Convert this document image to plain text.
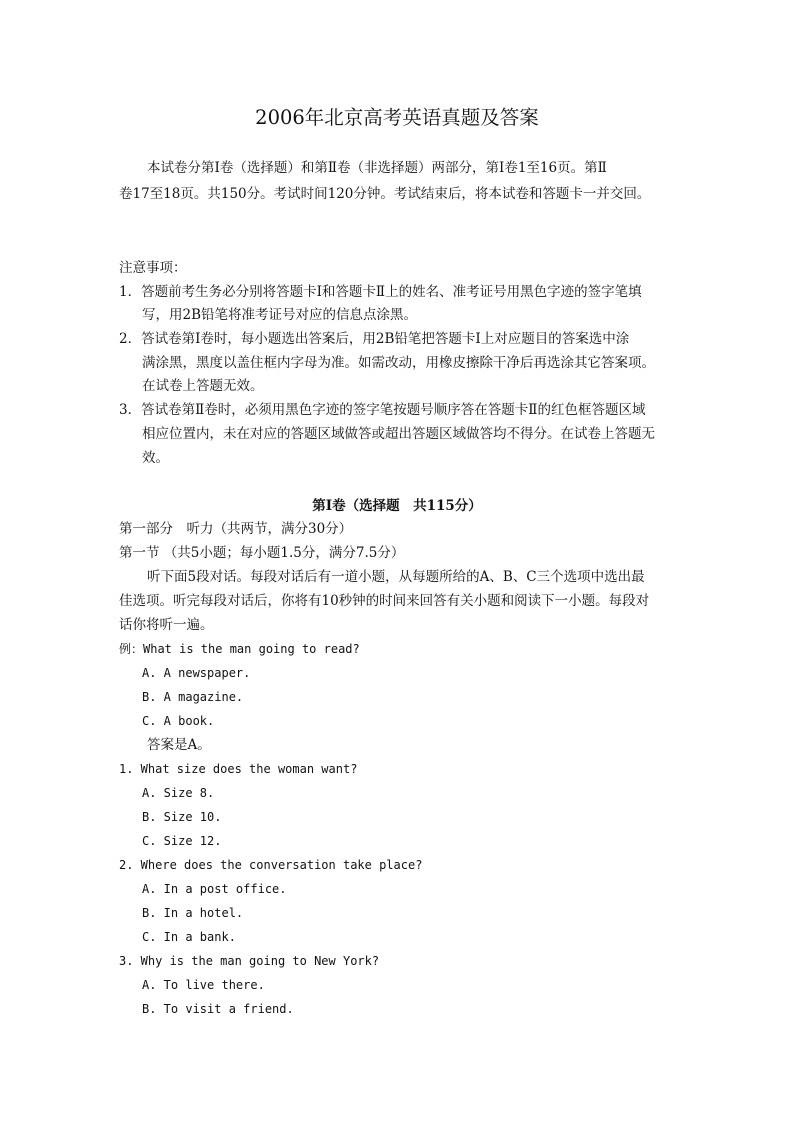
2006年北京高考英语真题及答案
本试卷分第Ⅰ卷（选择题）和第Ⅱ卷（非选择题）两部分，第Ⅰ卷1至16页。第Ⅱ
卷17至18页。共150分。考试时间120分钟。考试结束后，将本试卷和答题卡一并交回。
注意事项：
1．答题前考生务必分别将答题卡Ⅰ和答题卡Ⅱ上的姓名、准考证号用黑色字迹的签字笔填
写，用2B铅笔将准考证号对应的信息点涂黑。
2．答试卷第Ⅰ卷时，每小题选出答案后，用2B铅笔把答题卡Ⅰ上对应题目的答案选中涂
满涂黑，黑度以盖住框内字母为准。如需改动，用橡皮擦除干净后再选涂其它答案项。
在试卷上答题无效。
3．答试卷第Ⅱ卷时，必须用黑色字迹的签字笔按题号顺序答在答题卡Ⅱ的红色框答题区域
相应位置内，未在对应的答题区域做答或超出答题区域做答均不得分。在试卷上答题无
效。
第Ⅰ卷（选择题　共115分）
第一部分　听力（共两节，满分30分）
第一节 （共5小题；每小题1.5分，满分7.5分）
听下面5段对话。每段对话后有一道小题，从每题所给的A、B、C三个选项中选出最
佳选项。听完每段对话后，你将有10秒钟的时间来回答有关小题和阅读下一小题。每段对
话你将听一遍。
例：What is the man going to read?
A. A newspaper.
B. A magazine.
C. A book.
答案是A。
1. What size does the woman want?
A. Size 8.
B. Size 10.
C. Size 12.
2. Where does the conversation take place?
A. In a post office.
B. In a hotel.
C. In a bank.
3. Why is the man going to New York?
A. To live there.
B. To visit a friend.
